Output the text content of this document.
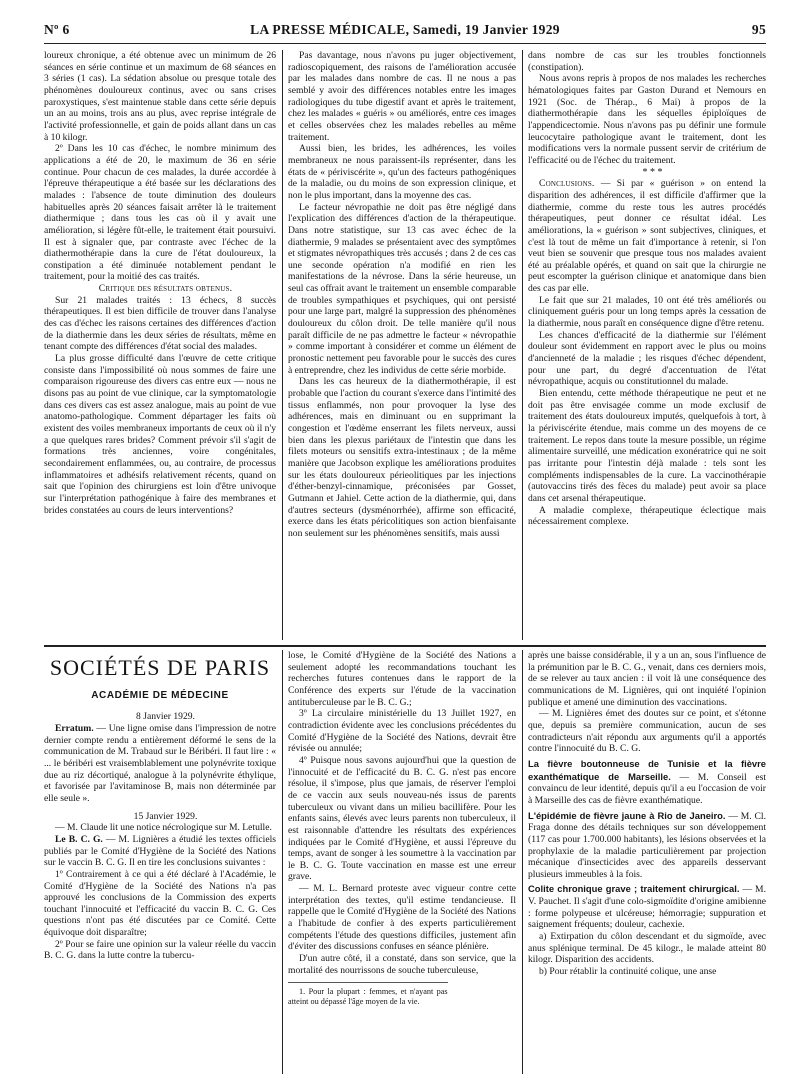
Nº 6	LA PRESSE MÉDICALE, Samedi, 19 Janvier 1929	95

loureux chronique, a été obtenue avec un minimum de 26 séances en série continue et un maximum de 68 séances en 3 séries (1 cas). La sédation absolue ou presque totale des phénomènes douloureux continus, avec ou sans crises paroxystiques, s'est maintenue stable dans cette série depuis un an au moins, trois ans au plus, avec reprise intégrale de l'activité professionnelle, et gain de poids allant dans un cas à 10 kilogr.

2º Dans les 10 cas d'échec, le nombre minimum des applications a été de 20, le maximum de 36 en série continue. Pour chacun de ces malades, la durée accordée à l'épreuve thérapeutique a été basée sur les déclarations des malades : l'absence de toute diminution des douleurs habituelles après 20 séances faisait arrêter là le traitement diathermique ; dans tous les cas où il y avait une amélioration, si légère fût-elle, le traitement était poursuivi. Il est à signaler que, par contraste avec l'échec de la diathermothérapie dans la cure de l'état douloureux, la constipation a été diminuée notablement pendant le traitement, pour la moitié des cas traités.

Critique des résultats obtenus.

Sur 21 malades traités : 13 échecs, 8 succès thérapeutiques. Il est bien difficile de trouver dans l'analyse des cas d'échec les raisons certaines des différences d'action de la diathermie dans les deux séries de résultats, même en tenant compte des différences d'état social des malades.

La plus grosse difficulté dans l'œuvre de cette critique consiste dans l'impossibilité où nous sommes de faire une comparaison rigoureuse des divers cas entre eux — nous ne disons pas au point de vue clinique, car la symptomatologie dans ces divers cas est assez analogue, mais au point de vue anatomo-pathologique. Comment départager les faits où existent des voiles membraneux importants de ceux où il n'y a que quelques rares brides? Comment prévoir s'il s'agit de formations très anciennes, voire congénitales, secondairement enflammées, ou, au contraire, de processus inflammatoires et adhésifs relativement récents, quand on sait que l'opinion des chirurgiens est loin d'être univoque sur l'interprétation pathogénique à faire des membranes et brides constatées au cours de leurs interventions?

Pas davantage, nous n'avons pu juger objectivement, radioscopiquement, des raisons de l'amélioration accusée par les malades dans nombre de cas. Il ne nous a pas semblé y avoir des différences notables entre les images radiologiques du tube digestif avant et après le traitement, chez les malades « guéris » ou améliorés, entre ces images et celles observées chez les malades rebelles au même traitement.

Aussi bien, les brides, les adhérences, les voiles membraneux ne nous paraissent-ils représenter, dans les états de « périviscérite », qu'un des facteurs pathogéniques de la maladie, ou du moins de son expression clinique, et non le plus important, dans la moyenne des cas.

Le facteur névropathie ne doit pas être négligé dans l'explication des différences d'action de la thérapeutique. Dans notre statistique, sur 13 cas avec échec de la diathermie, 9 malades se présentaient avec des symptômes et stigmates névropathiques très accusés ; dans 2 de ces cas une seconde opération n'a modifié en rien les manifestations de la névrose. Dans la série heureuse, un seul cas offrait avant le traitement un ensemble comparable de troubles sympathiques et psychiques, qui ont persisté pour une large part, malgré la suppression des phénomènes douloureux du côlon droit. De telle manière qu'il nous paraît difficile de ne pas admettre le facteur « névropathie » comme important à considérer et comme un élément de pronostic nettement peu favorable pour le succès des cures à entreprendre, chez les individus de cette série morbide.

Dans les cas heureux de la diathermothérapie, il est probable que l'action du courant s'exerce dans l'intimité des tissus enflammés, non pour provoquer la lyse des adhérences, mais en diminuant ou en supprimant la congestion et l'œdème enserrant les filets nerveux, aussi bien dans les plexus pariétaux de l'intestin que dans les filets moteurs ou sensitifs extra-intestinaux ; de la même manière que Jacobson explique les améliorations produites sur les états douloureux périeolitiques par les injections d'éther-benzyl-cinnamique, préconisées par Gosset, Gutmann et Jahiel. Cette action de la diathermie, qui, dans d'autres secteurs (dysménorrhée), affirme son efficacité, exerce dans les états péricolitiques son action bienfaisante non seulement sur les phénomènes sensitifs, mais aussi

dans nombre de cas sur les troubles fonctionnels (constipation).

Nous avons repris à propos de nos malades les recherches hématologiques faites par Gaston Durand et Nemours en 1921 (Soc. de Thérap., 6 Mai) à propos de la diathermothérapie dans les séquelles épiploïques de l'appendicectomie. Nous n'avons pas pu définir une formule leucocytaire pathologique avant le traitement, dont les modifications vers la normale pussent servir de critérium de l'efficacité ou de l'échec du traitement.

* * *

Conclusions. — Si par « guérison » on entend la disparition des adhérences, il est difficile d'affirmer que la diathermie, comme du reste tous les autres procédés thérapeutiques, peut donner ce résultat idéal. Les améliorations, la « guérison » sont subjectives, cliniques, et c'est là tout de même un fait d'importance à retenir, si l'on veut bien se souvenir que presque tous nos malades avaient été au préalable opérés, et quand on sait que la chirurgie ne peut escompter la guérison clinique et anatomique dans bien des cas par elle.

Le fait que sur 21 malades, 10 ont été très améliorés ou cliniquement guéris pour un long temps après la cessation de la diathermie, nous paraît en conséquence digne d'être retenu.

Les chances d'efficacité de la diathermie sur l'élément douleur sont évidemment en rapport avec le plus ou moins d'ancienneté de la maladie ; les risques d'échec dépendent, pour une part, du degré d'accentuation de l'état névropathique, acquis ou constitutionnel du malade.

Bien entendu, cette méthode thérapeutique ne peut et ne doit pas être envisagée comme un mode exclusif de traitement des états douloureux imputés, quelquefois à tort, à la périviscérite étendue, mais comme un des moyens de ce traitement. Le repos dans toute la mesure possible, un régime alimentaire surveillé, une médication exonératrice qui ne soit pas irritante pour l'intestin déjà malade : tels sont les compléments indispensables de la cure. La vaccinothérapie (autovaccins tirés des fèces du malade) peut avoir sa place dans cet arsenal thérapeutique.

A maladie complexe, thérapeutique éclectique mais nécessairement complexe.

SOCIÉTÉS DE PARIS
ACADÉMIE DE MÉDECINE

8 Janvier 1929.

Erratum. — Une ligne omise dans l'impression de notre dernier compte rendu a entièrement déformé le sens de la communication de M. Trabaud sur le Béribéri. Il faut lire : « ... le béribéri est vraisemblablement une polynévrite toxique due au riz décortiqué, analogue à la polynévrite éthylique, et favorisée par l'avitaminose B, mais non déterminée par elle seule ».

15 Janvier 1929.

— M. Claude lit une notice nécrologique sur M. Letulle.

Le B. C. G. — M. Lignières a étudié les textes officiels publiés par le Comité d'Hygiène de la Société des Nations sur le vaccin B. C. G. Il en tire les conclusions suivantes :

1º Contrairement à ce qui a été déclaré à l'Académie, le Comité d'Hygiène de la Société des Nations n'a pas approuvé les conclusions de la Commission des experts touchant l'innocuité et l'efficacité du vaccin B. C. G. Ces questions n'ont pas été discutées par ce Comité. Cette équivoque doit disparaître;

2º Pour se faire une opinion sur la valeur réelle du vaccin B. C. G. dans la lutte contre la tubercu-

lose, le Comité d'Hygiène de la Société des Nations a seulement adopté les recommandations touchant les recherches futures contenues dans le rapport de la Conférence des experts sur l'étude de la vaccination antituberculeuse par le B. C. G.;

3º La circulaire ministérielle du 13 Juillet 1927, en contradiction évidente avec les conclusions précédentes du Comité d'Hygiène de la Société des Nations, devrait être révisée ou annulée;

4º Puisque nous savons aujourd'hui que la question de l'innocuité et de l'efficacité du B. C. G. n'est pas encore résolue, il s'impose, plus que jamais, de réserver l'emploi de ce vaccin aux seuls nouveau-nés issus de parents tuberculeux ou vivant dans un milieu bacillifère. Pour les enfants sains, élevés avec leurs parents non tuberculeux, il est raisonnable d'attendre les résultats des expériences indiquées par le Comité d'Hygiène, et aussi l'épreuve du temps, avant de songer à les soumettre à la vaccination par le B. C. G. Toute vaccination en masse est une erreur grave.

— M. L. Bernard proteste avec vigueur contre cette interprétation des textes, qu'il estime tendancieuse. Il rappelle que le Comité d'Hygiène de la Société des Nations a l'habitude de confier à des experts particulièrement compétents l'étude des questions difficiles, justement afin d'éviter des discussions confuses en séance plénière.

D'un autre côté, il a constaté, dans son service, que la mortalité des nourrissons de souche tuberculeuse,

1. Pour la plupart : femmes, et n'ayant pas atteint ou dépassé l'âge moyen de la vie.

après une baisse considérable, il y a un an, sous l'influence de la prémunition par le B. C. G., venait, dans ces derniers mois, de se relever au taux ancien : il voit là une conséquence des communications de M. Lignières, qui ont inquiété l'opinion publique et amené une diminution des vaccinations.

— M. Lignières émet des doutes sur ce point, et s'étonne que, depuis sa première communication, aucun de ses contradicteurs n'ait répondu aux arguments qu'il a apportés contre l'innocuité du B. C. G.

La fièvre boutonneuse de Tunisie et la fièvre exanthématique de Marseille. — M. Conseil est convaincu de leur identité, depuis qu'il a eu l'occasion de voir à Marseille des cas de fièvre exanthématique.

L'épidémie de fièvre jaune à Rio de Janeiro. — M. Cl. Fraga donne des détails techniques sur son développement (117 cas pour 1.700.000 habitants), les lésions observées et la prophylaxie de la maladie particulièrement par projection mécanique d'insecticides avec des appareils desservant plusieurs immeubles à la fois.

Colite chronique grave ; traitement chirurgical. — M. V. Pauchet. Il s'agit d'une colo-sigmoïdite d'origine amibienne : forme polypeuse et ulcéreuse; hémorragie; suppuration et saignement fréquents; douleur, cachexie.

a) Extirpation du côlon descendant et du sigmoïde, avec anus splénique terminal. De 45 kilogr., le malade atteint 80 kilogr. Disparition des accidents.

b) Pour rétablir la continuité colique, une anse
